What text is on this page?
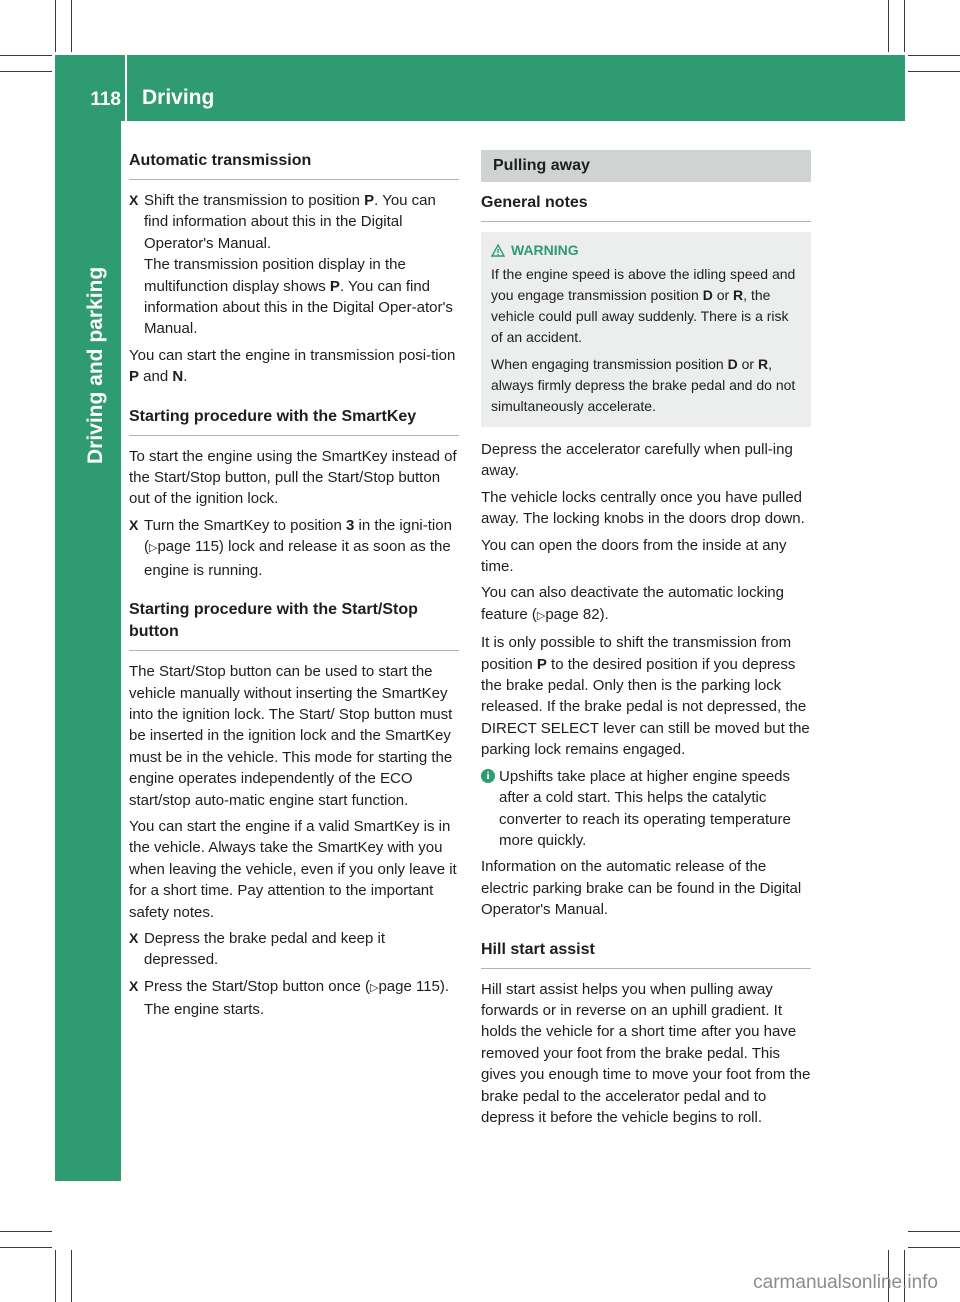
118 Driving
Driving and parking
Automatic transmission
X Shift the transmission to position P. You can find information about this in the Digital Operator's Manual.
The transmission position display in the multifunction display shows P. You can find information about this in the Digital Oper-ator's Manual.

You can start the engine in transmission posi-tion P and N.

Starting procedure with the SmartKey

To start the engine using the SmartKey instead of the Start/Stop button, pull the Start/Stop button out of the ignition lock.

X Turn the SmartKey to position 3 in the igni-tion (▷page 115) lock and release it as soon as the engine is running.
Starting procedure with the Start/Stop button

The Start/Stop button can be used to start the vehicle manually without inserting the SmartKey into the ignition lock. The Start/ Stop button must be inserted in the ignition lock and the SmartKey must be in the vehicle. This mode for starting the engine operates independently of the ECO start/stop auto-matic engine start function.

You can start the engine if a valid SmartKey is in the vehicle. Always take the SmartKey with you when leaving the vehicle, even if you only leave it for a short time. Pay attention to the important safety notes.

X Depress the brake pedal and keep it depressed.
X Press the Start/Stop button once (▷page 115).
The engine starts.
Pulling away
General notes
WARNING

If the engine speed is above the idling speed and you engage transmission position D or R, the vehicle could pull away suddenly. There is a risk of an accident.

When engaging transmission position D or R, always firmly depress the brake pedal and do not simultaneously accelerate.

Depress the accelerator carefully when pull-ing away.

The vehicle locks centrally once you have pulled away. The locking knobs in the doors drop down.

You can open the doors from the inside at any time.

You can also deactivate the automatic locking feature (▷page 82).

It is only possible to shift the transmission from position P to the desired position if you depress the brake pedal. Only then is the parking lock released. If the brake pedal is not depressed, the DIRECT SELECT lever can still be moved but the parking lock remains engaged.

i Upshifts take place at higher engine speeds after a cold start. This helps the catalytic converter to reach its operating temperature more quickly.

Information on the automatic release of the electric parking brake can be found in the Digital Operator's Manual.

Hill start assist

Hill start assist helps you when pulling away forwards or in reverse on an uphill gradient. It holds the vehicle for a short time after you have removed your foot from the brake pedal. This gives you enough time to move your foot from the brake pedal to the accelerator pedal and to depress it before the vehicle begins to roll.

carmanualsonline.info
